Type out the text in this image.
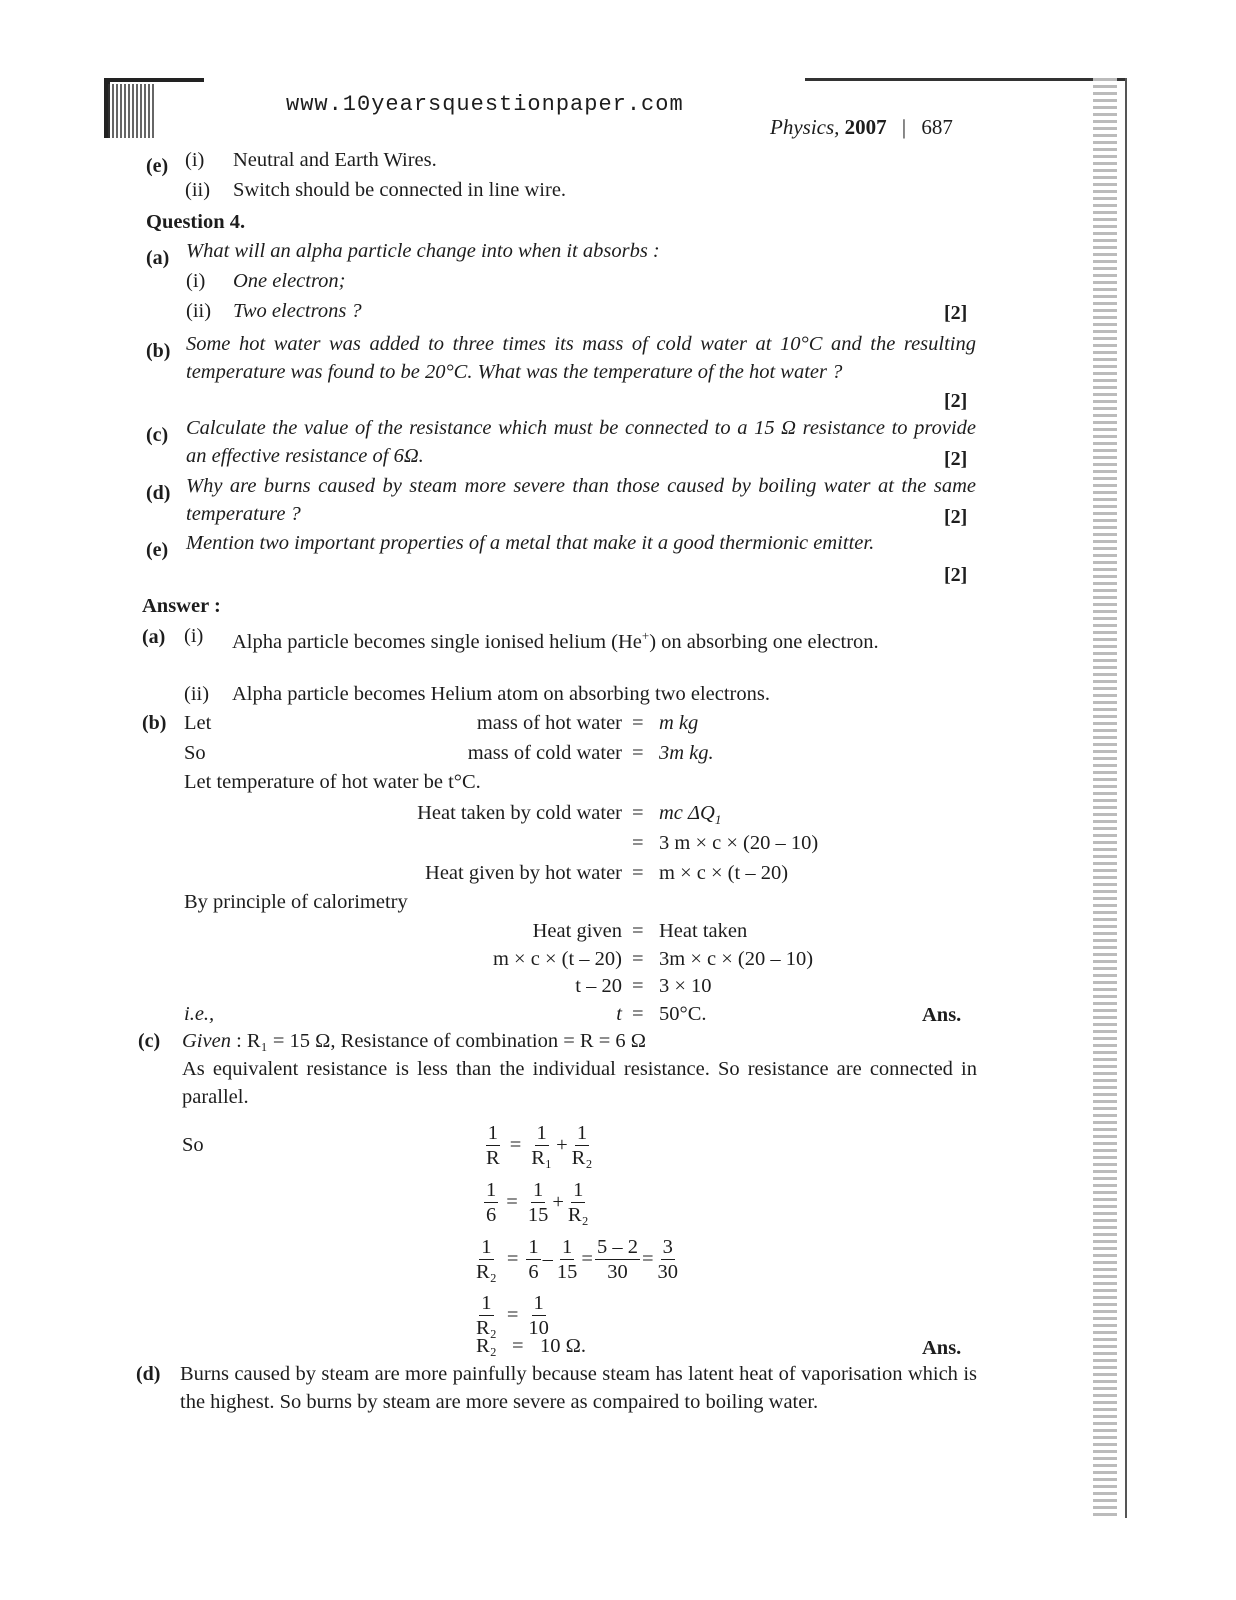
www.10yearsquestionpaper.com
Physics, 2007 | 687
(e) (i) Neutral and Earth Wires.
(ii) Switch should be connected in line wire.
Question 4.
(a) What will an alpha particle change into when it absorbs :
(i) One electron;
(ii) Two electrons ?	[2]
(b) Some hot water was added to three times its mass of cold water at 10°C and the resulting temperature was found to be 20°C. What was the temperature of the hot water ?
[2]
(c) Calculate the value of the resistance which must be connected to a 15 Ω resistance to provide an effective resistance of 6Ω.	[2]
(d) Why are burns caused by steam more severe than those caused by boiling water at the same temperature ?	[2]
(e) Mention two important properties of a metal that make it a good thermionic emitter.
[2]
Answer :
(a) (i) Alpha particle becomes single ionised helium (He+) on absorbing one electron.
(ii) Alpha particle becomes Helium atom on absorbing two electrons.
(b) Let	mass of hot water = m kg
So	mass of cold water = 3m kg.
Let temperature of hot water be t°C.
Heat taken by cold water = mc $\Delta Q_1$
= 3 m × c × (20 – 10)
Heat given by hot water = m × c × (t – 20)
By principle of calorimetry
Heat given = Heat taken
m × c × (t – 20) = 3m × c × (20 – 10)
t – 20 = 3 × 10
i.e.,	t = 50°C.	Ans.
(c) Given : R₁ = 15 Ω, Resistance of combination = R = 6 Ω
As equivalent resistance is less than the individual resistance. So resistance are connected in parallel.
So	$\frac{1}{R} = \frac{1}{\text{R₁}} + \frac{1}{\text{R₂}}$
$\frac{1}{6} = \frac{1}{15} + \frac{1}{\text{R₂}}$
$\frac{1}{\text{R₂}} = \frac{1}{6} - \frac{1}{15} = \frac{5 - 2}{30} = \frac{3}{30}$
$\frac{1}{\text{R₂}} = \frac{1}{10}$
R₂ = 10 Ω.	Ans.
(d) Burns caused by steam are more painfully because steam has latent heat of vaporisation which is the highest. So burns by steam are more severe as compaired to boiling water.
